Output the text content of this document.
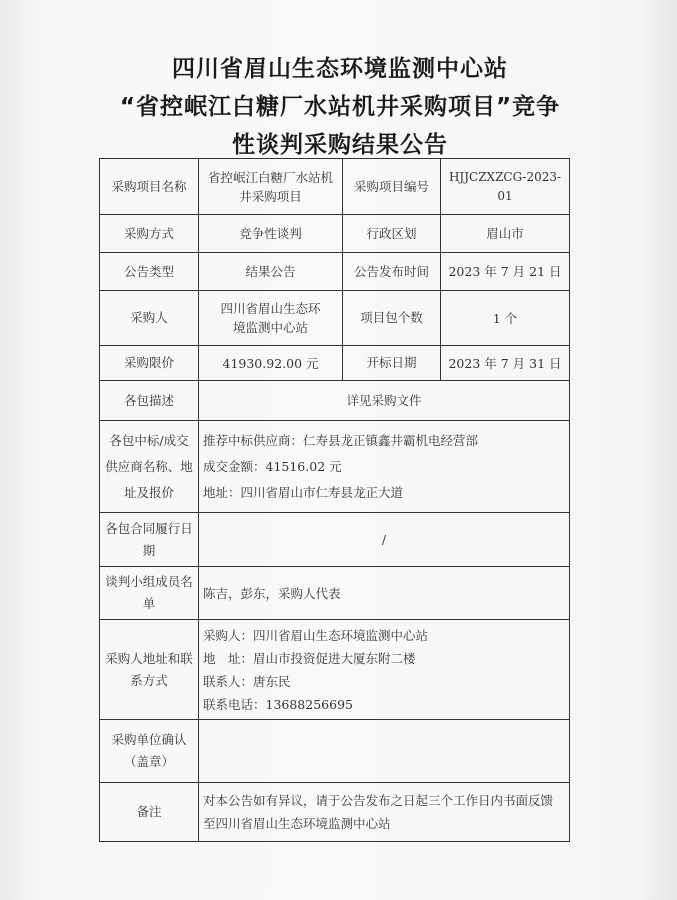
四川省眉山生态环境监测中心站
“省控岷江白糖厂水站机井采购项目”竞争
性谈判采购结果公告
采购项目名称	省控岷江白糖厂水站机井采购项目	采购项目编号	HJJCZXZCG-2023-01
采购方式	竞争性谈判	行政区划	眉山市
公告类型	结果公告	公告发布时间	2023 年 7 月 21 日
采购人	四川省眉山生态环境监测中心站	项目包个数	1 个
采购限价	41930.92.00 元	开标日期	2023 年 7 月 31 日
各包描述	详见采购文件		
各包中标/成交供应商名称、地址及报价	推荐中标供应商：仁寿县龙正镇鑫井霸机电经营部
成交金额：41516.02 元
地址：四川省眉山市仁寿县龙正大道		

各包合同履行日期	/		
谈判小组成员名单	陈吉，彭东，采购人代表		
采购人地址和联系方式	采购人：四川省眉山生态环境监测中心站
地　址：眉山市投资促进大厦东附二楼
联系人：唐东民
联系电话：13688256695		

采购单位确认（盖章）			
备注	对本公告如有异议，请于公告发布之日起三个工作日内书面反馈至四川省眉山生态环境监测中心站		
